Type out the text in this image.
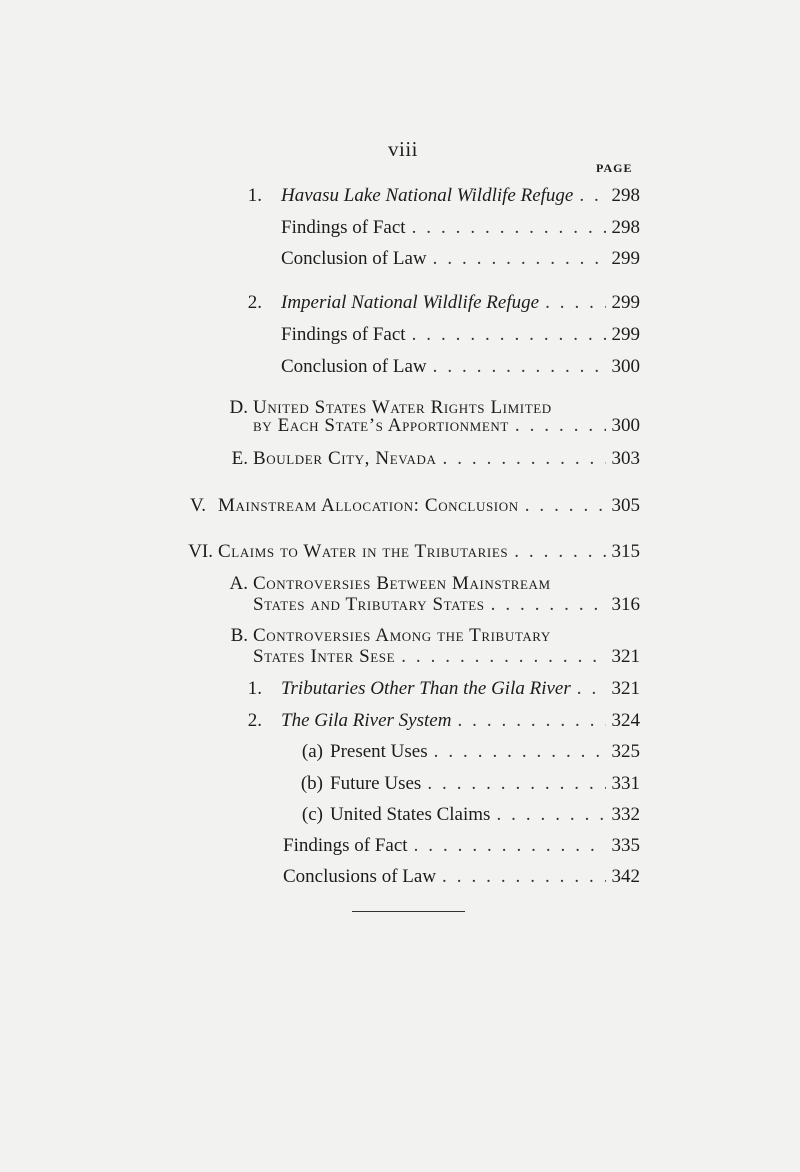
viii
PAGE
1. Havasu Lake National Wildlife Refuge . . . 298
Findings of Fact . . .	298
Conclusion of Law . . .	299
2. Imperial National Wildlife Refuge . . .	299
Findings of Fact . . .	299
Conclusion of Law . . .	300
D. United States Water Rights Limited
by Each State’s Apportionment . . .	300
E. Boulder City, Nevada . . .	303
V. Mainstream Allocation: Conclusion . . .	305
VI. Claims to Water in the Tributaries . . .	315
A. Controversies Between Mainstream
States and Tributary States . . .	316
B. Controversies Among the Tributary
States Inter Sese . . .	321
1. Tributaries Other Than the Gila River . . . 321
2. The Gila River System . . .	324
(a) Present Uses . . .	325
(b) Future Uses . . .	331
(c) United States Claims . . .	332
Findings of Fact . . .	335
Conclusions of Law . . .	342
